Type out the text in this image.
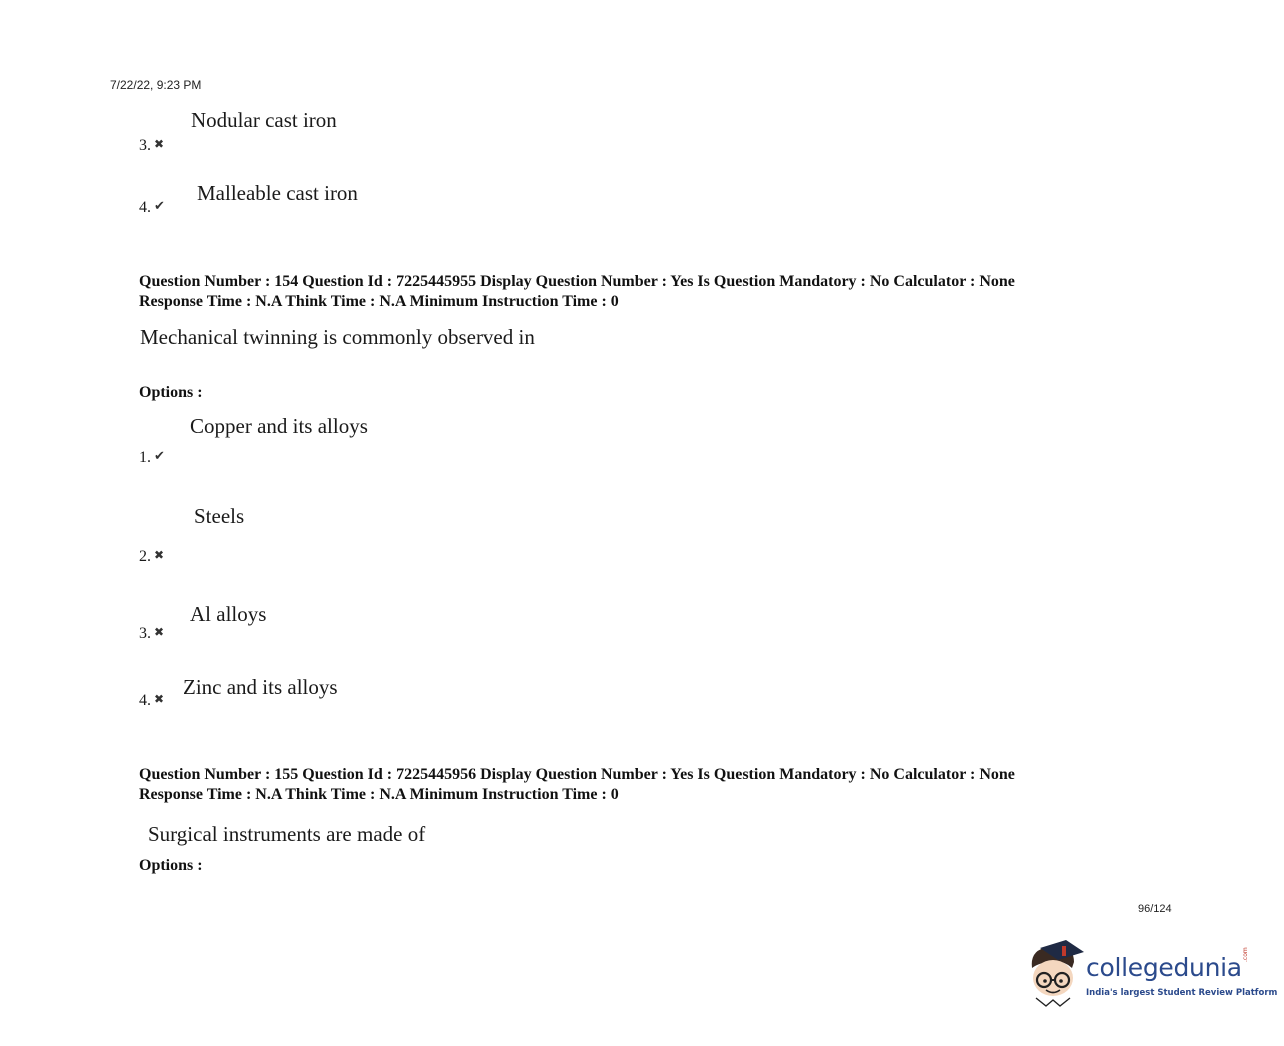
7/22/22, 9:23 PM
Nodular cast iron
3. ✖
Malleable cast iron
4. ✔
Question Number : 154 Question Id : 7225445955 Display Question Number : Yes Is Question Mandatory : No Calculator : None
Response Time : N.A Think Time : N.A Minimum Instruction Time : 0
Mechanical twinning is commonly observed in
Options :
Copper and its alloys
1. ✔
Steels
2. ✖
Al alloys
3. ✖
Zinc and its alloys
4. ✖
Question Number : 155 Question Id : 7225445956 Display Question Number : Yes Is Question Mandatory : No Calculator : None
Response Time : N.A Think Time : N.A Minimum Instruction Time : 0
Surgical instruments are made of
Options :
96/124
collegedunia .com
India's largest Student Review Platform
